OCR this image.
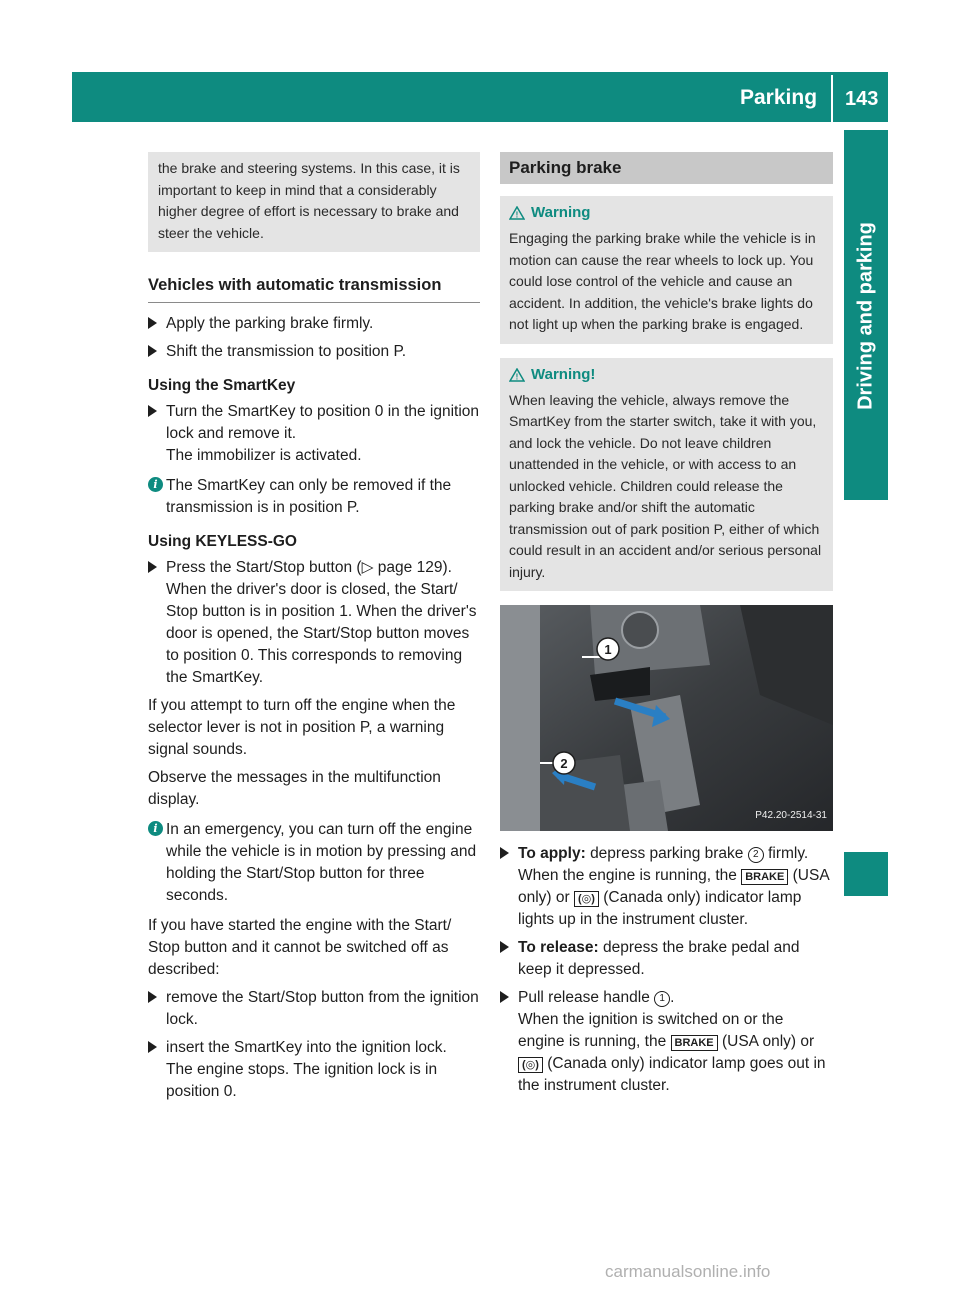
Parking 143
Driving and parking

the brake and steering systems. In this case, it is important to keep in mind that a considerably higher degree of effort is necessary to brake and steer the vehicle.

Vehicles with automatic transmission
Apply the parking brake firmly.
Shift the transmission to position P.
Using the SmartKey
Turn the SmartKey to position 0 in the ignition lock and remove it.
The immobilizer is activated.
i The SmartKey can only be removed if the transmission is in position P.
Using KEYLESS-GO
Press the Start/Stop button (▷ page 129).
When the driver's door is closed, the Start/ Stop button is in position 1. When the driver's door is opened, the Start/Stop button moves to position 0. This corresponds to removing the SmartKey.

If you attempt to turn off the engine when the selector lever is not in position P, a warning signal sounds.

Observe the messages in the multifunction display.

i In an emergency, you can turn off the engine while the vehicle is in motion by pressing and holding the Start/Stop button for three seconds.

If you have started the engine with the Start/ Stop button and it cannot be switched off as described:

remove the Start/Stop button from the ignition lock.
insert the SmartKey into the ignition lock.
The engine stops. The ignition lock is in position 0.
Parking brake
! Warning

Engaging the parking brake while the vehicle is in motion can cause the rear wheels to lock up. You could lose control of the vehicle and cause an accident. In addition, the vehicle's brake lights do not light up when the parking brake is engaged.

! Warning!

When leaving the vehicle, always remove the SmartKey from the starter switch, take it with you, and lock the vehicle. Do not leave children unattended in the vehicle, or with access to an unlocked vehicle. Children could release the parking brake and/or shift the automatic transmission out of park position P, either of which could result in an accident and/or serious personal injury.

1
2
P42.20-2514-31
To apply: depress parking brake 2 firmly.
When the engine is running, the BRAKE (USA only) or (◎) (Canada only) indicator lamp lights up in the instrument cluster.
To release: depress the brake pedal and keep it depressed.
Pull release handle 1 .
When the ignition is switched on or the engine is running, the BRAKE (USA only) or (◎) (Canada only) indicator lamp goes out in the instrument cluster.
carmanualsonline.info
